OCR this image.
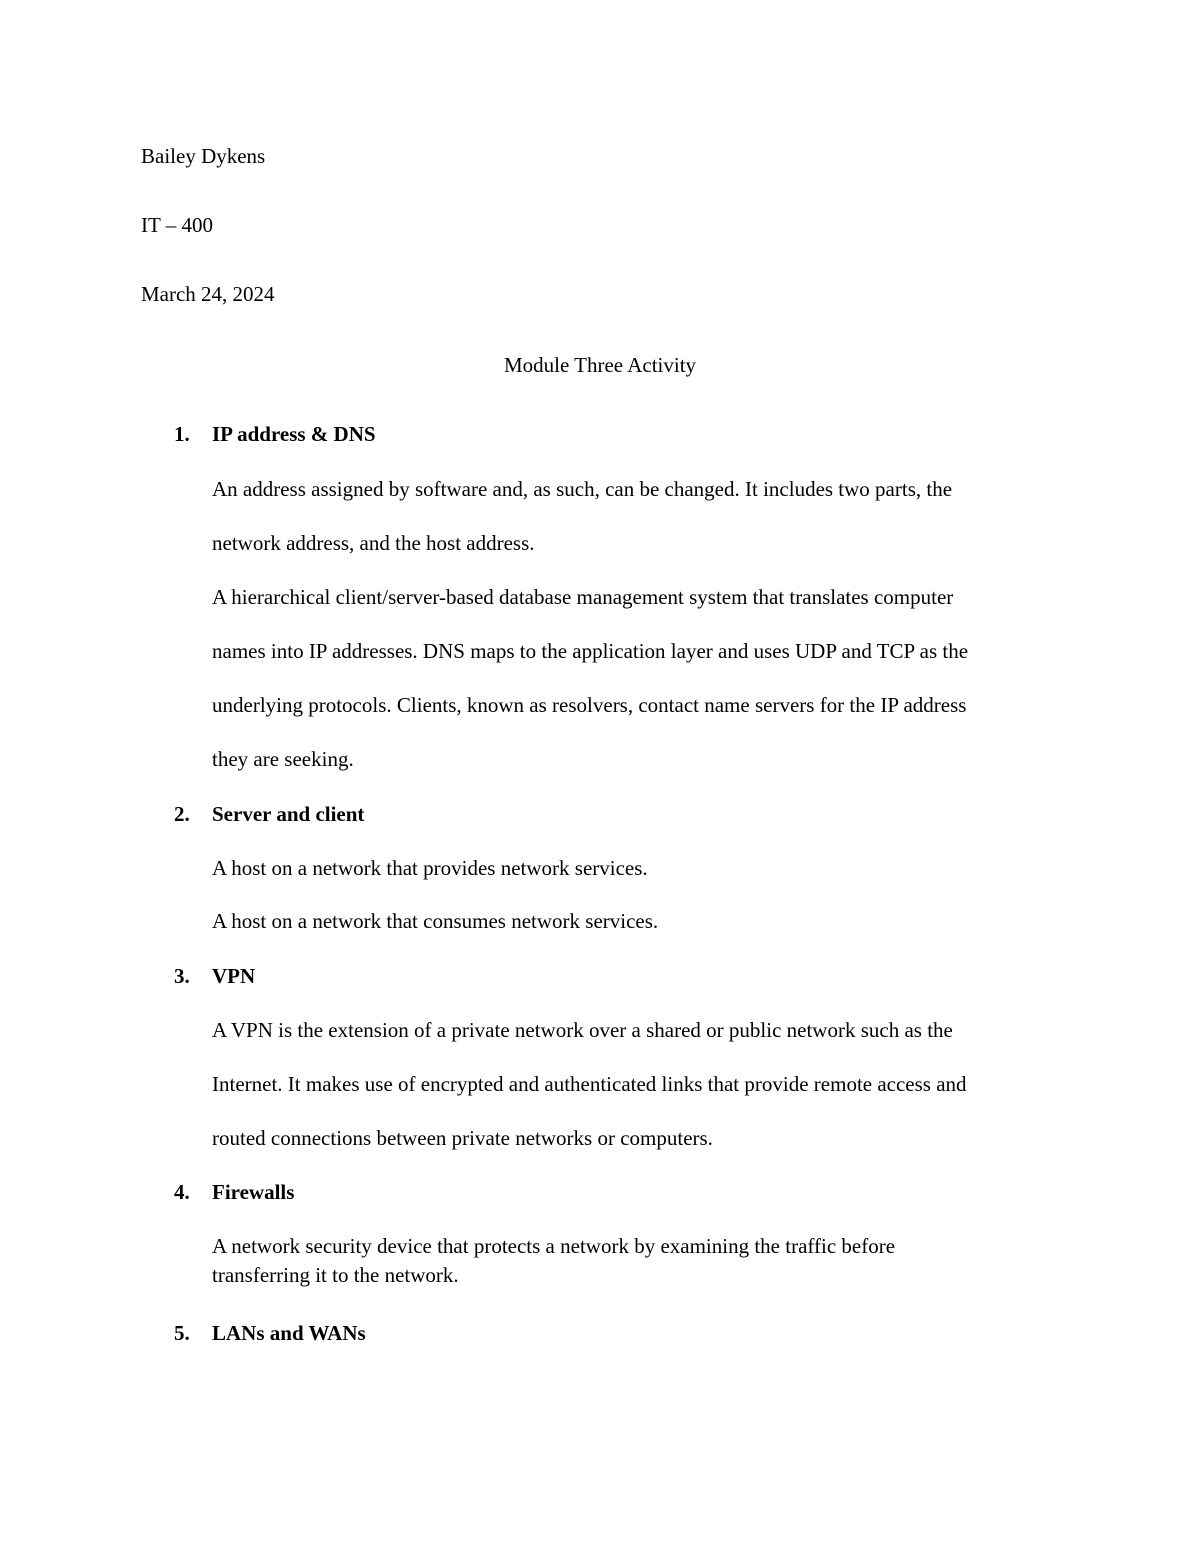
Bailey Dykens
IT – 400
March 24, 2024
Module Three Activity
1. IP address & DNS
An address assigned by software and, as such, can be changed. It includes two parts, the
network address, and the host address.
A hierarchical client/server-based database management system that translates computer
names into IP addresses. DNS maps to the application layer and uses UDP and TCP as the
underlying protocols. Clients, known as resolvers, contact name servers for the IP address
they are seeking.
2. Server and client
A host on a network that provides network services.
A host on a network that consumes network services.
3. VPN
A VPN is the extension of a private network over a shared or public network such as the
Internet. It makes use of encrypted and authenticated links that provide remote access and
routed connections between private networks or computers.
4. Firewalls
A network security device that protects a network by examining the traffic before
transferring it to the network.
5. LANs and WANs
